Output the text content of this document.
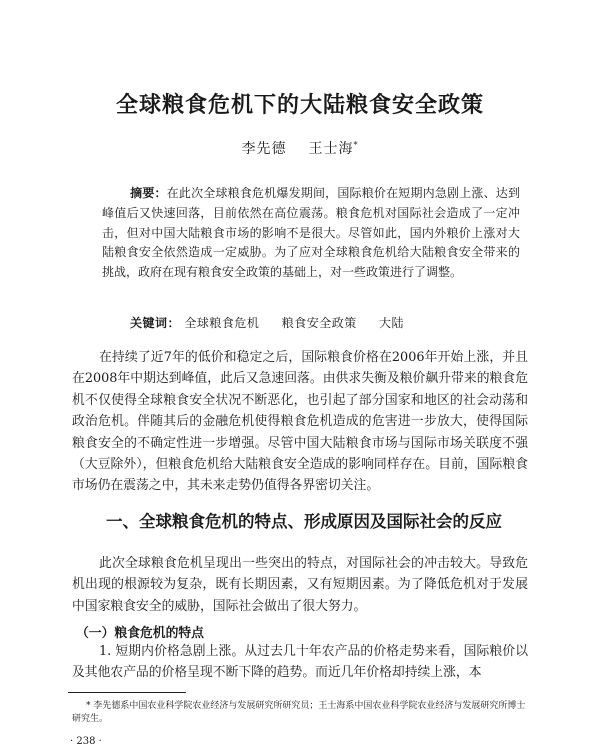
全球粮食危机下的大陆粮食安全政策
李先德 王士海*
摘要：在此次全球粮食危机爆发期间，国际粮价在短期内急剧上涨、达到峰值后又快速回落，目前依然在高位震荡。粮食危机对国际社会造成了一定冲击，但对中国大陆粮食市场的影响不是很大。尽管如此，国内外粮价上涨对大陆粮食安全依然造成一定威胁。为了应对全球粮食危机给大陆粮食安全带来的挑战，政府在现有粮食安全政策的基础上，对一些政策进行了调整。
关键词： 全球粮食危机 粮食安全政策 大陆

在持续了近7年的低价和稳定之后，国际粮食价格在2006年开始上涨，并且在2008年中期达到峰值，此后又急速回落。由供求失衡及粮价飙升带来的粮食危机不仅使得全球粮食安全状况不断恶化，也引起了部分国家和地区的社会动荡和政治危机。伴随其后的金融危机使得粮食危机造成的危害进一步放大，使得国际粮食安全的不确定性进一步增强。尽管中国大陆粮食市场与国际市场关联度不强（大豆除外），但粮食危机给大陆粮食安全造成的影响同样存在。目前，国际粮食市场仍在震荡之中，其未来走势仍值得各界密切关注。

一、全球粮食危机的特点、形成原因及国际社会的反应

此次全球粮食危机呈现出一些突出的特点，对国际社会的冲击较大。导致危机出现的根源较为复杂，既有长期因素，又有短期因素。为了降低危机对于发展中国家粮食安全的威胁，国际社会做出了很大努力。

（一）粮食危机的特点

1. 短期内价格急剧上涨。从过去几十年农产品的价格走势来看，国际粮价以及其他农产品的价格呈现不断下降的趋势。而近几年价格却持续上涨，本

* 李先德系中国农业科学院农业经济与发展研究所研究员；王士海系中国农业科学院农业经济与发展研究所博士研究生。
· 238 ·
